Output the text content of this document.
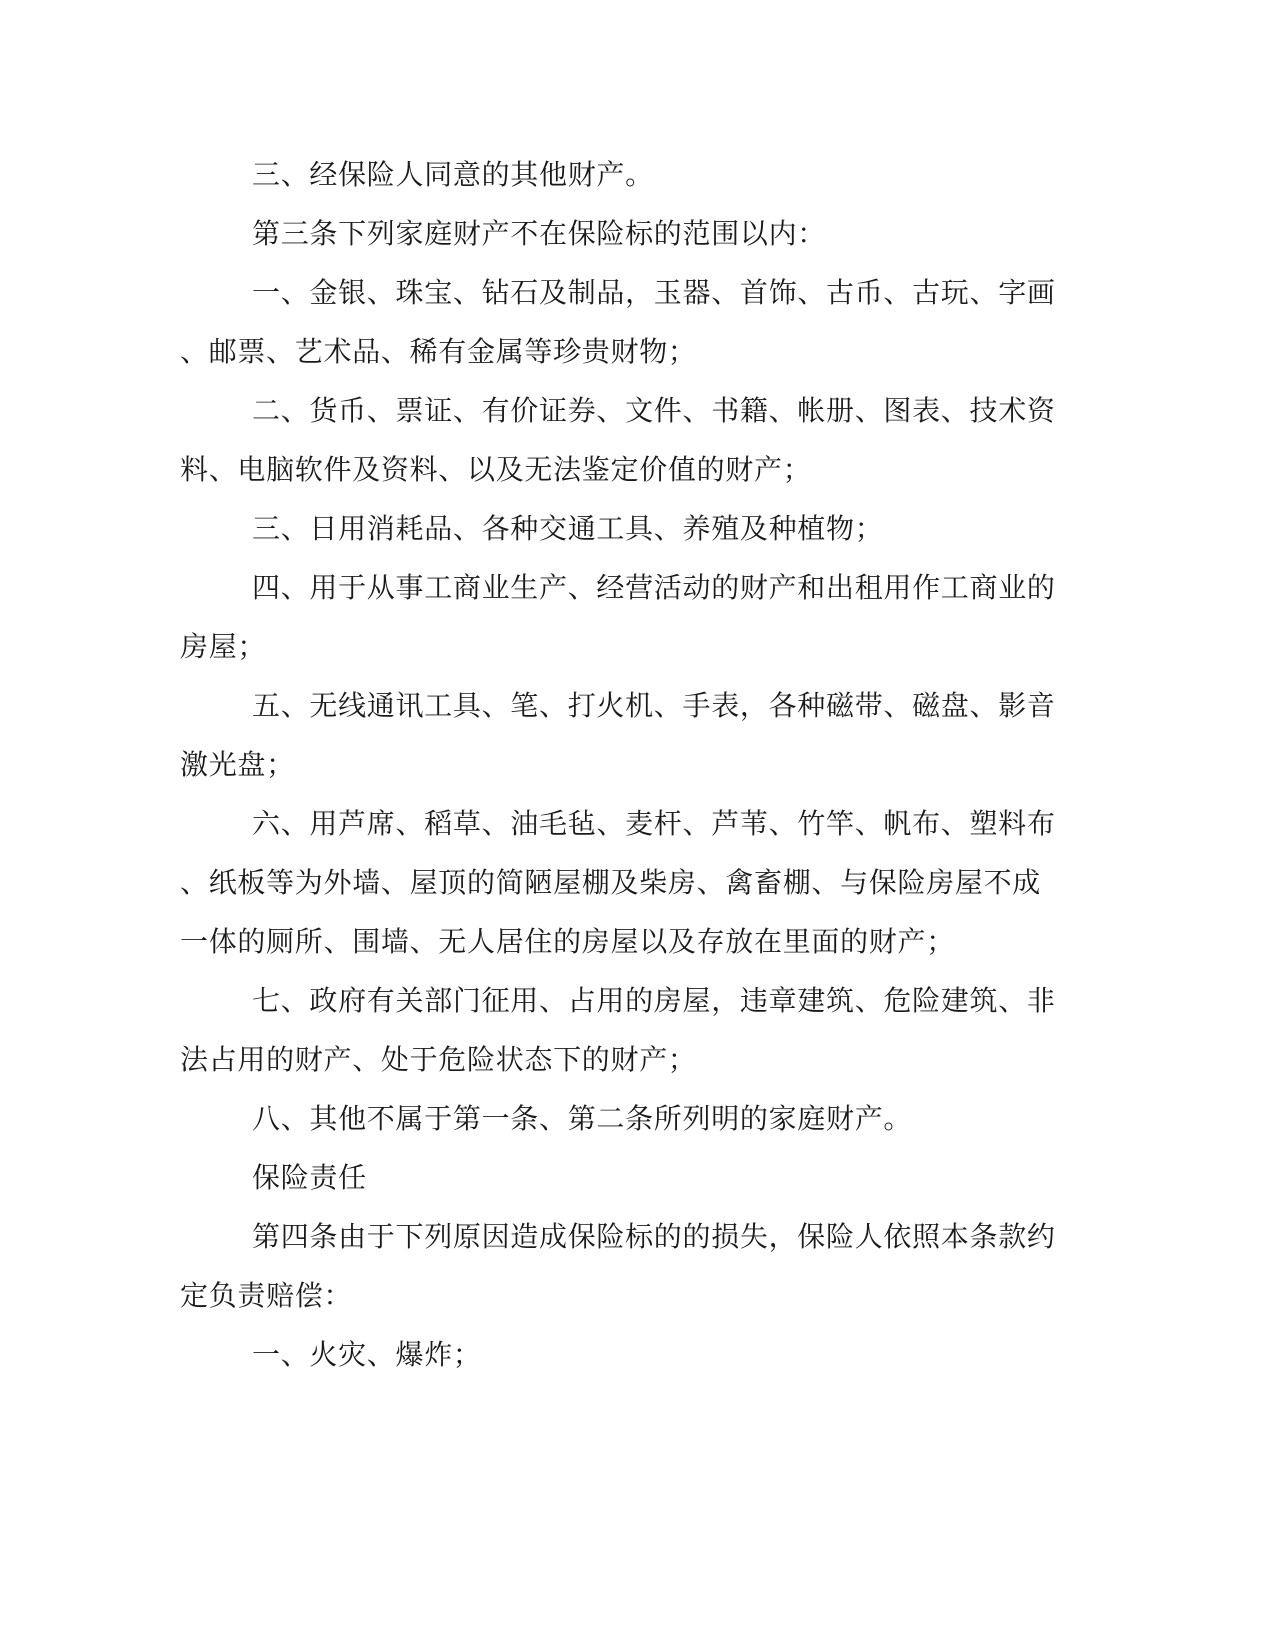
三、经保险人同意的其他财产。
第三条下列家庭财产不在保险标的范围以内：
一、金银、珠宝、钻石及制品，玉器、首饰、古币、古玩、字画
、邮票、艺术品、稀有金属等珍贵财物；
二、货币、票证、有价证券、文件、书籍、帐册、图表、技术资
料、电脑软件及资料、以及无法鉴定价值的财产；
三、日用消耗品、各种交通工具、养殖及种植物；
四、用于从事工商业生产、经营活动的财产和出租用作工商业的
房屋；
五、无线通讯工具、笔、打火机、手表，各种磁带、磁盘、影音
激光盘；
六、用芦席、稻草、油毛毡、麦杆、芦苇、竹竿、帆布、塑料布
、纸板等为外墙、屋顶的简陋屋棚及柴房、禽畜棚、与保险房屋不成
一体的厕所、围墙、无人居住的房屋以及存放在里面的财产；
七、政府有关部门征用、占用的房屋，违章建筑、危险建筑、非
法占用的财产、处于危险状态下的财产；
八、其他不属于第一条、第二条所列明的家庭财产。
保险责任
第四条由于下列原因造成保险标的的损失，保险人依照本条款约
定负责赔偿：
一、火灾、爆炸；
